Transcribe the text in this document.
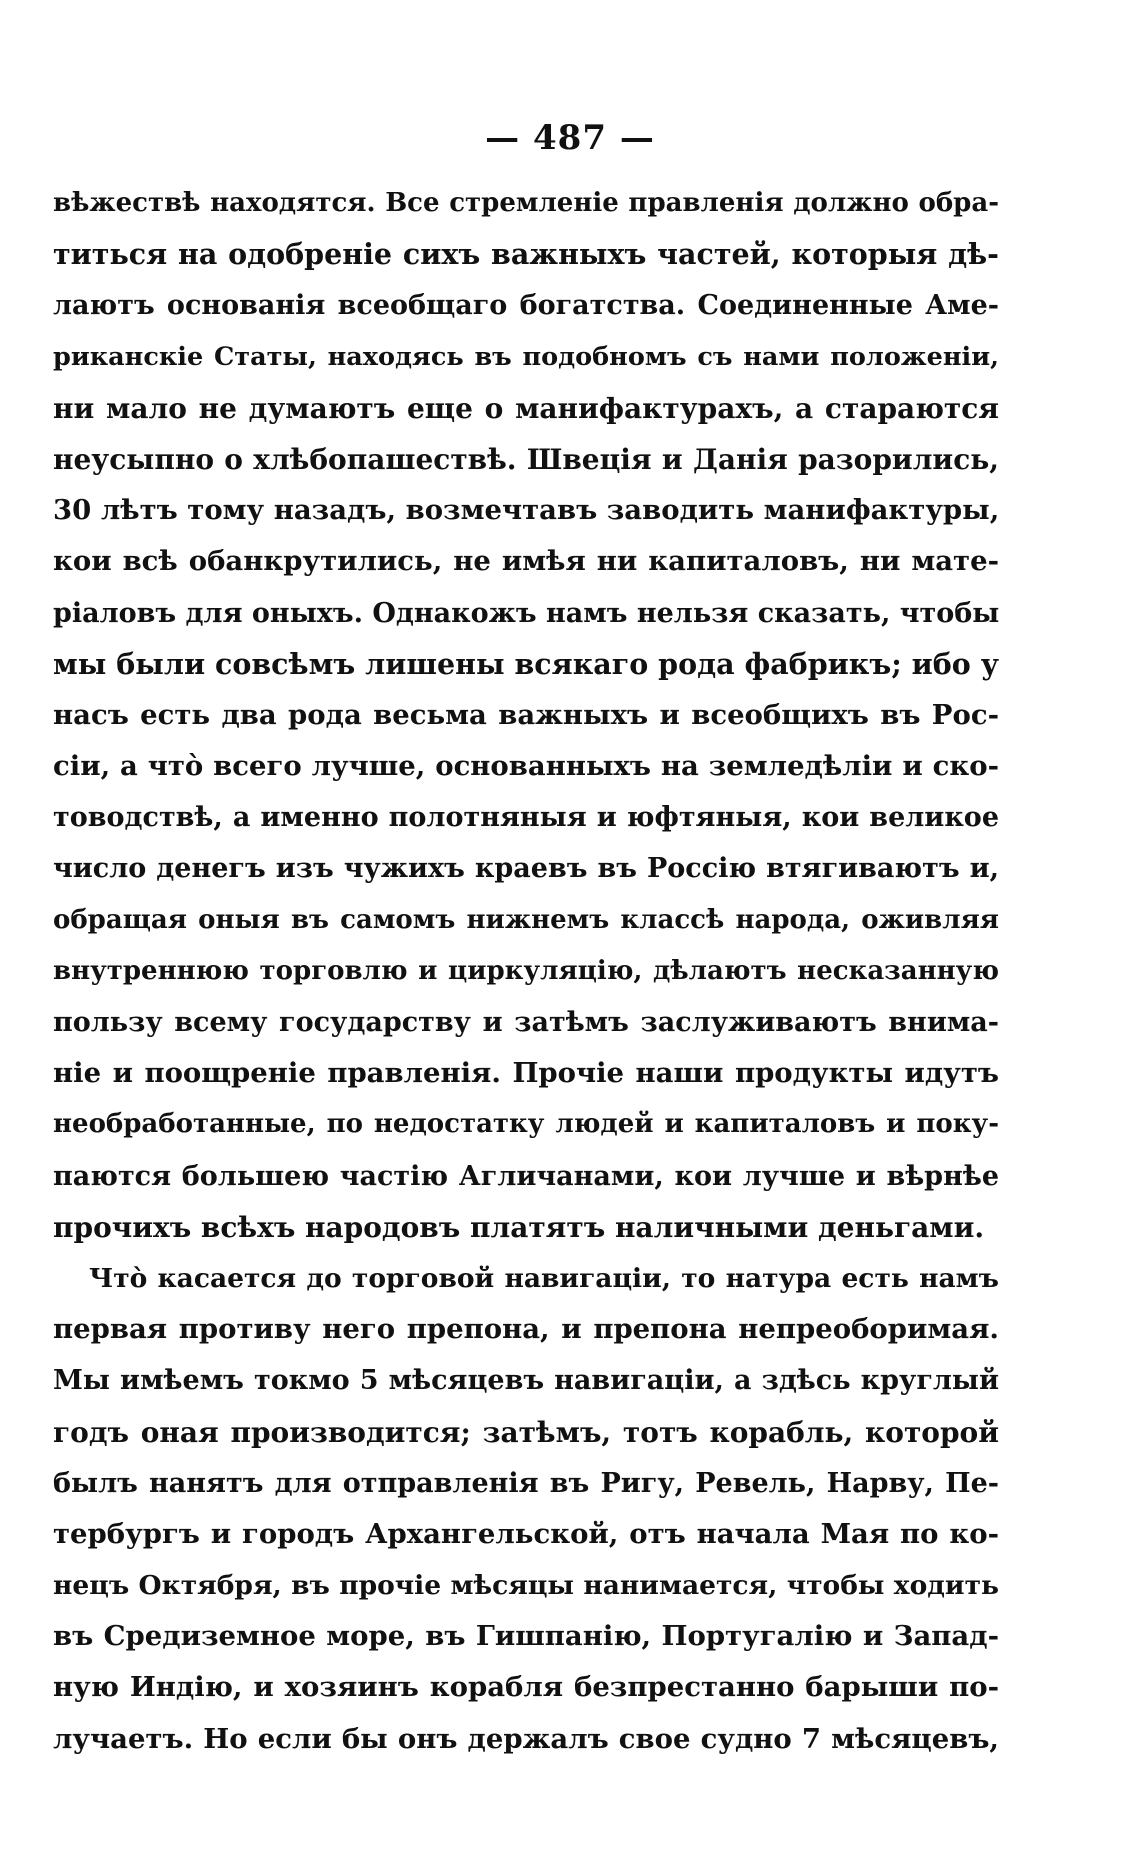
— 487 —
вѣжествѣ находятся. Все стремленіе правленія должно обра-
титься на одобреніе сихъ важныхъ частей, которыя дѣ-
лаютъ основанія всеобщаго богатства. Соединенные Аме-
риканскіе Статы, находясь въ подобномъ съ нами положеніи,
ни мало не думаютъ еще о манифактурахъ, а стараются
неусыпно о хлѣбопашествѣ. Швеція и Данія разорились,
30 лѣтъ тому назадъ, возмечтавъ заводить манифактуры,
кои всѣ обанкрутились, не имѣя ни капиталовъ, ни мате-
ріаловъ для оныхъ. Однакожъ намъ нельзя сказать, чтобы
мы были совсѣмъ лишены всякаго рода фабрикъ; ибо у
насъ есть два рода весьма важныхъ и всеобщихъ въ Рос-
сіи, а что̀ всего лучше, основанныхъ на земледѣліи и ско-
товодствѣ, а именно полотняныя и юфтяныя, кои великое
число денегъ изъ чужихъ краевъ въ Россію втягиваютъ и,
обращая оныя въ самомъ нижнемъ классѣ народа, оживляя
внутреннюю торговлю и циркуляцію, дѣлаютъ несказанную
пользу всему государству и затѣмъ заслуживаютъ внима-
ніе и поощреніе правленія. Прочіе наши продукты идутъ
необработанные, по недостатку людей и капиталовъ и поку-
паются большею частію Агличанами, кои лучше и вѣрнѣе
прочихъ всѣхъ народовъ платятъ наличными деньгами.
Что̀ касается до торговой навигаціи, то натура есть намъ
первая противу него препона, и препона непреоборимая.
Мы имѣемъ токмо 5 мѣсяцевъ навигаціи, а здѣсь круглый
годъ оная производится; затѣмъ, тотъ корабль, которой
былъ нанятъ для отправленія въ Ригу, Ревель, Нарву, Пе-
тербургъ и городъ Архангельской, отъ начала Мая по ко-
нецъ Октября, въ прочіе мѣсяцы нанимается, чтобы ходить
въ Средиземное море, въ Гишпанію, Португалію и Запад-
ную Индію, и хозяинъ корабля безпрестанно барыши по-
лучаетъ. Но если бы онъ держалъ свое судно 7 мѣсяцевъ,
